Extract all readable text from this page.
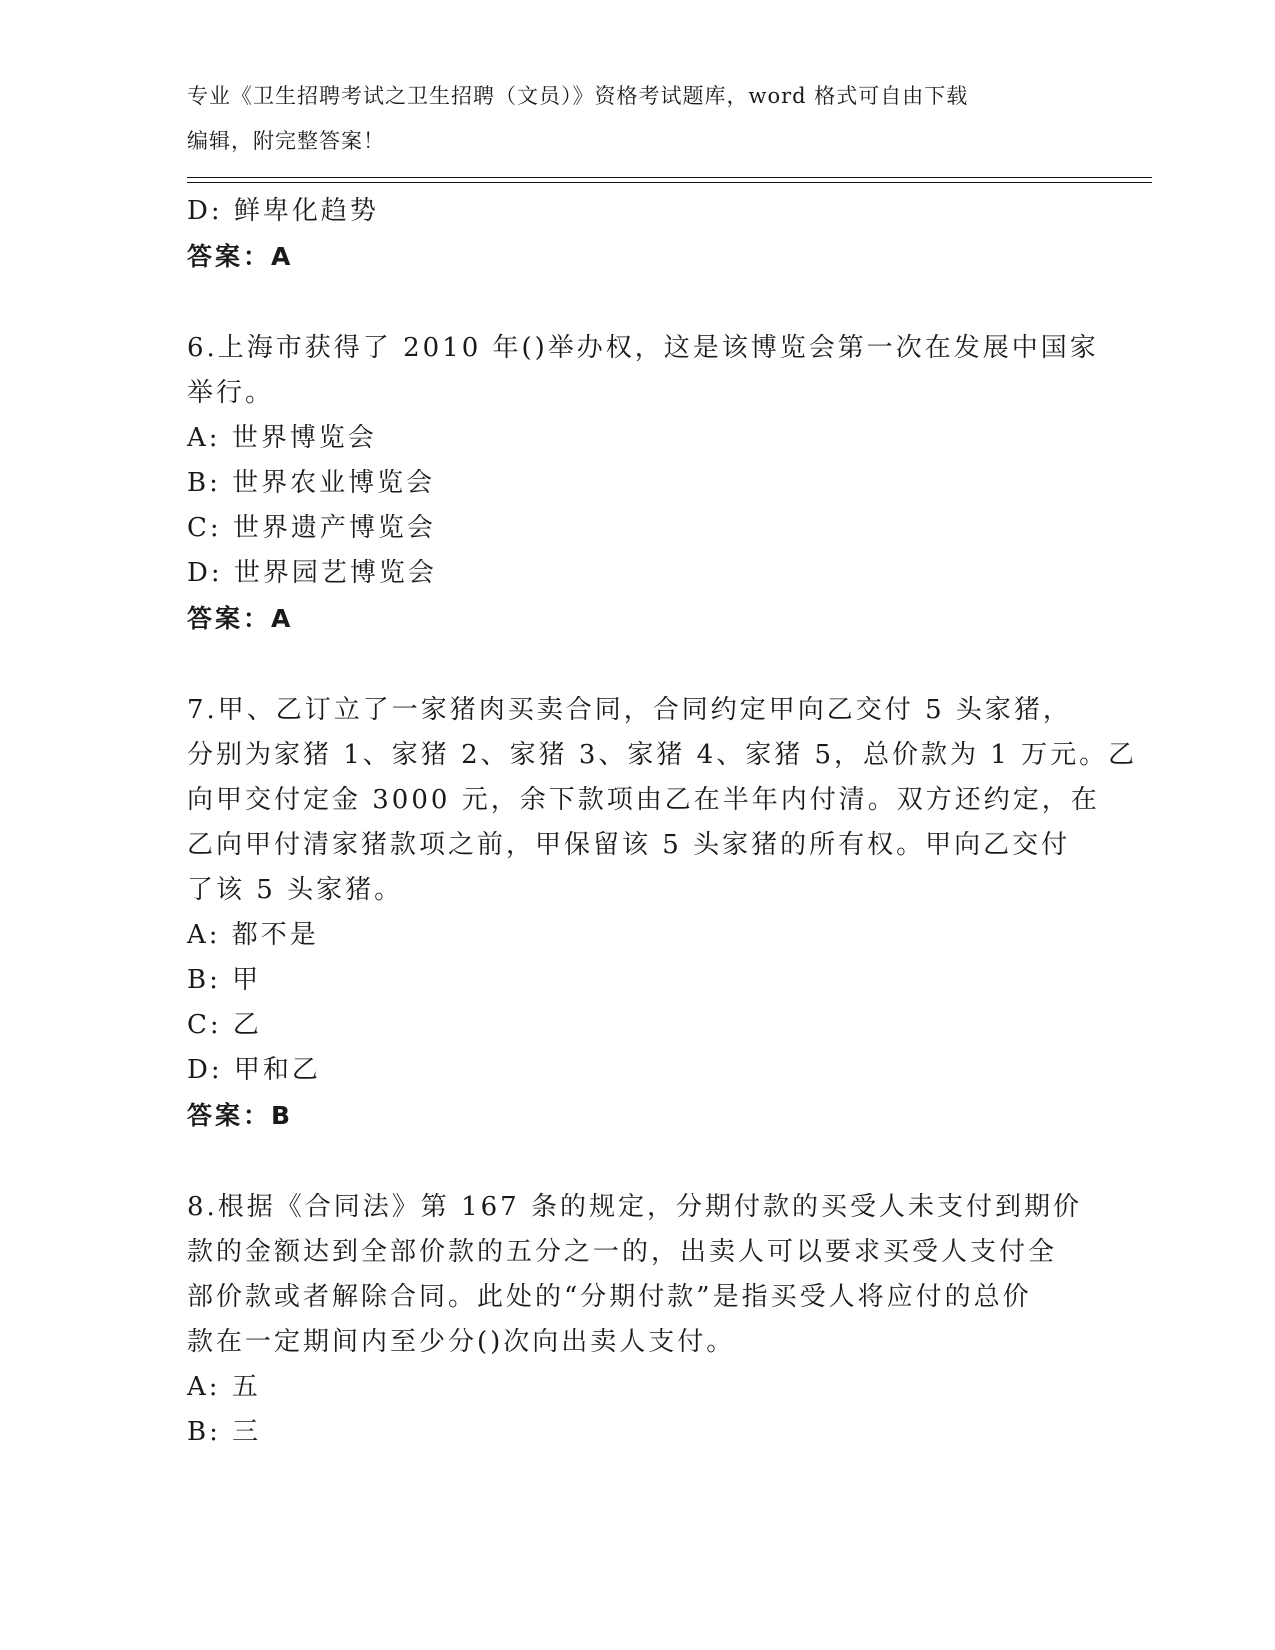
专业《卫生招聘考试之卫生招聘（文员）》资格考试题库，word 格式可自由下载
编辑，附完整答案！
D: 鲜卑化趋势
答案：A
6.上海市获得了 2010 年()举办权，这是该博览会第一次在发展中国家
举行。
A: 世界博览会
B: 世界农业博览会
C: 世界遗产博览会
D: 世界园艺博览会
答案：A
7.甲、乙订立了一家猪肉买卖合同，合同约定甲向乙交付 5 头家猪，
分别为家猪 1、家猪 2、家猪 3、家猪 4、家猪 5，总价款为 1 万元。乙
向甲交付定金 3000 元，余下款项由乙在半年内付清。双方还约定，在
乙向甲付清家猪款项之前，甲保留该 5 头家猪的所有权。甲向乙交付
了该 5 头家猪。
A: 都不是
B: 甲
C: 乙
D: 甲和乙
答案：B
8.根据《合同法》第 167 条的规定，分期付款的买受人未支付到期价
款的金额达到全部价款的五分之一的，出卖人可以要求买受人支付全
部价款或者解除合同。此处的“分期付款”是指买受人将应付的总价
款在一定期间内至少分()次向出卖人支付。
A: 五
B: 三
